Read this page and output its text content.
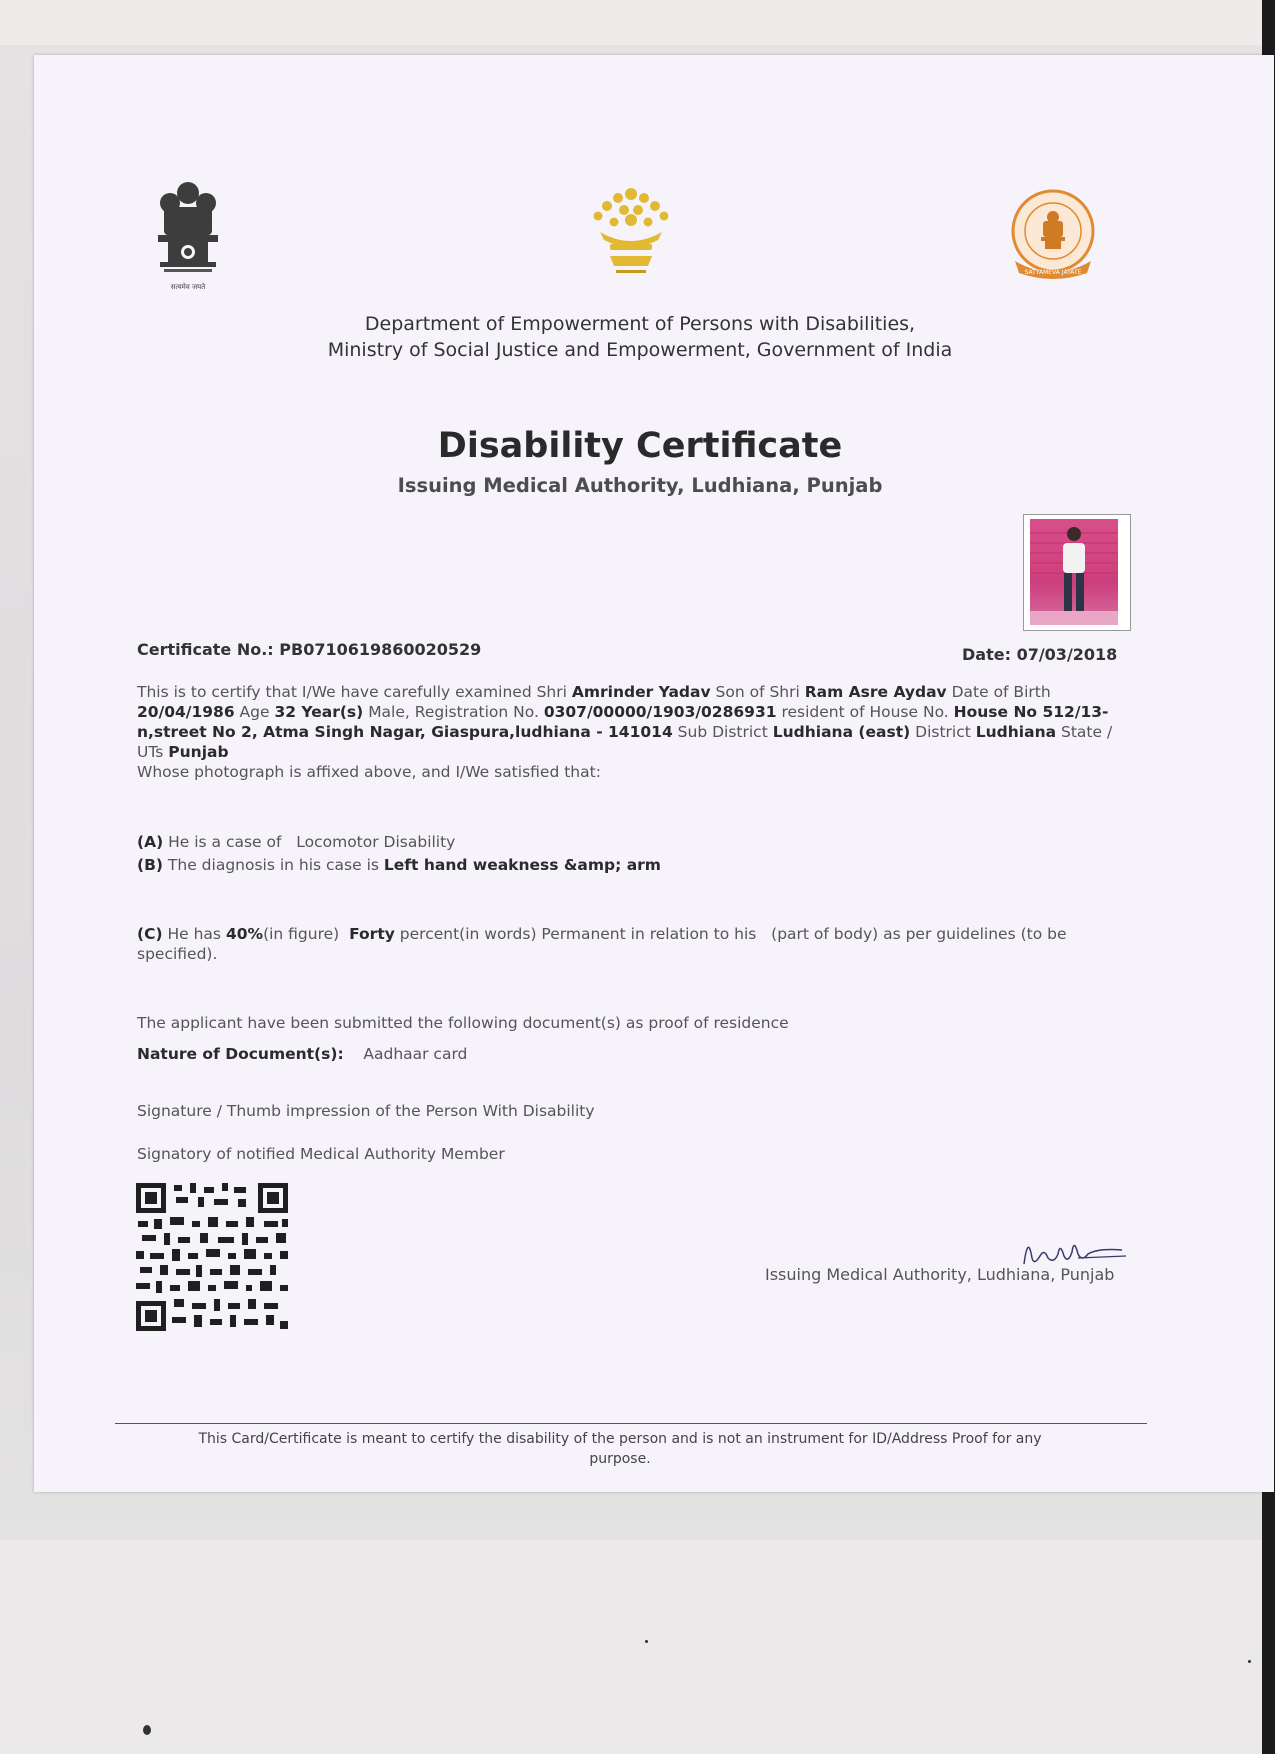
सत्यमेव जयते
SATYAMEVA JAYATE
Department of Empowerment of Persons with Disabilities,
Ministry of Social Justice and Empowerment, Government of India
Disability Certificate
Issuing Medical Authority, Ludhiana, Punjab
Certificate No.: PB0710619860020529	Date: 07/03/2018
This is to certify that I/We have carefully examined Shri Amrinder Yadav Son of Shri Ram Asre Aydav Date of Birth 20/04/1986 Age 32 Year(s) Male, Registration No. 0307/00000/1903/0286931 resident of House No. House No 512/13-n,street No 2, Atma Singh Nagar, Giaspura,ludhiana - 141014 Sub District Ludhiana (east) District Ludhiana State / UTs Punjab
Whose photograph is affixed above, and I/We satisfied that:
(A) He is a case of   Locomotor Disability
(B) The diagnosis in his case is Left hand weakness &amp; arm
(C) He has 40%(in figure) Forty percent(in words) Permanent in relation to his   (part of body) as per guidelines (to be specified).
The applicant have been submitted the following document(s) as proof of residence
Nature of Document(s): Aadhaar card
Signature / Thumb impression of the Person With Disability
Signatory of notified Medical Authority Member
Issuing Medical Authority, Ludhiana, Punjab
This Card/Certificate is meant to certify the disability of the person and is not an instrument for ID/Address Proof for any
purpose.
